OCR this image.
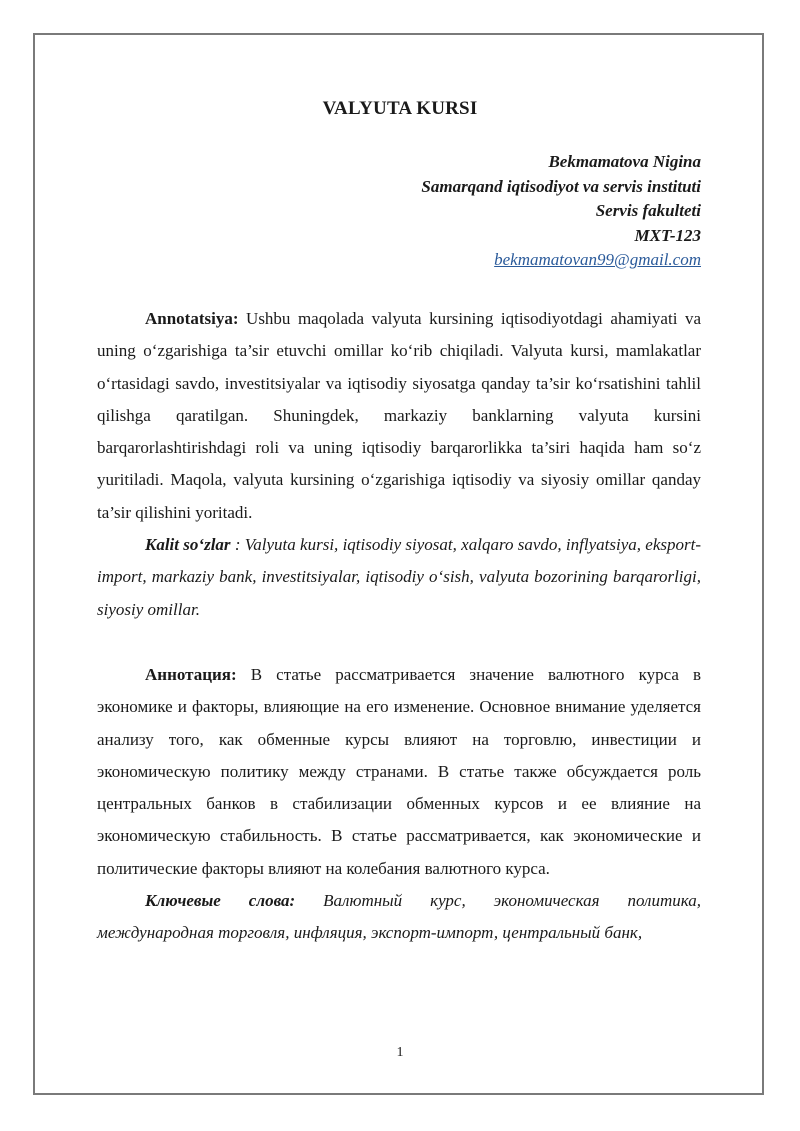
VALYUTA KURSI
Bekmamatova Nigina
Samarqand iqtisodiyot va servis instituti
Servis fakulteti
MXT-123
bekmamatovan99@gmail.com

Annotatsiya: Ushbu maqolada valyuta kursining iqtisodiyotdagi ahamiyati va uning o‘zgarishiga ta’sir etuvchi omillar ko‘rib chiqiladi. Valyuta kursi, mamlakatlar o‘rtasidagi savdo, investitsiyalar va iqtisodiy siyosatga qanday ta’sir ko‘rsatishini tahlil qilishga qaratilgan. Shuningdek, markaziy banklarning valyuta kursini barqarorlashtirishdagi roli va uning iqtisodiy barqarorlikka ta’siri haqida ham so‘z yuritiladi. Maqola, valyuta kursining o‘zgarishiga iqtisodiy va siyosiy omillar qanday ta’sir qilishini yoritadi.

Kalit so‘zlar : Valyuta kursi, iqtisodiy siyosat, xalqaro savdo, inflyatsiya, eksport-import, markaziy bank, investitsiyalar, iqtisodiy o‘sish, valyuta bozorining barqarorligi, siyosiy omillar.

Аннотация: В статье рассматривается значение валютного курса в экономике и факторы, влияющие на его изменение. Основное внимание уделяется анализу того, как обменные курсы влияют на торговлю, инвестиции и экономическую политику между странами. В статье также обсуждается роль центральных банков в стабилизации обменных курсов и ее влияние на экономическую стабильность. В статье рассматривается, как экономические и политические факторы влияют на колебания валютного курса.

Ключевые слова: Валютный курс, экономическая политика, международная торговля, инфляция, экспорт-импорт, центральный банк,

1
